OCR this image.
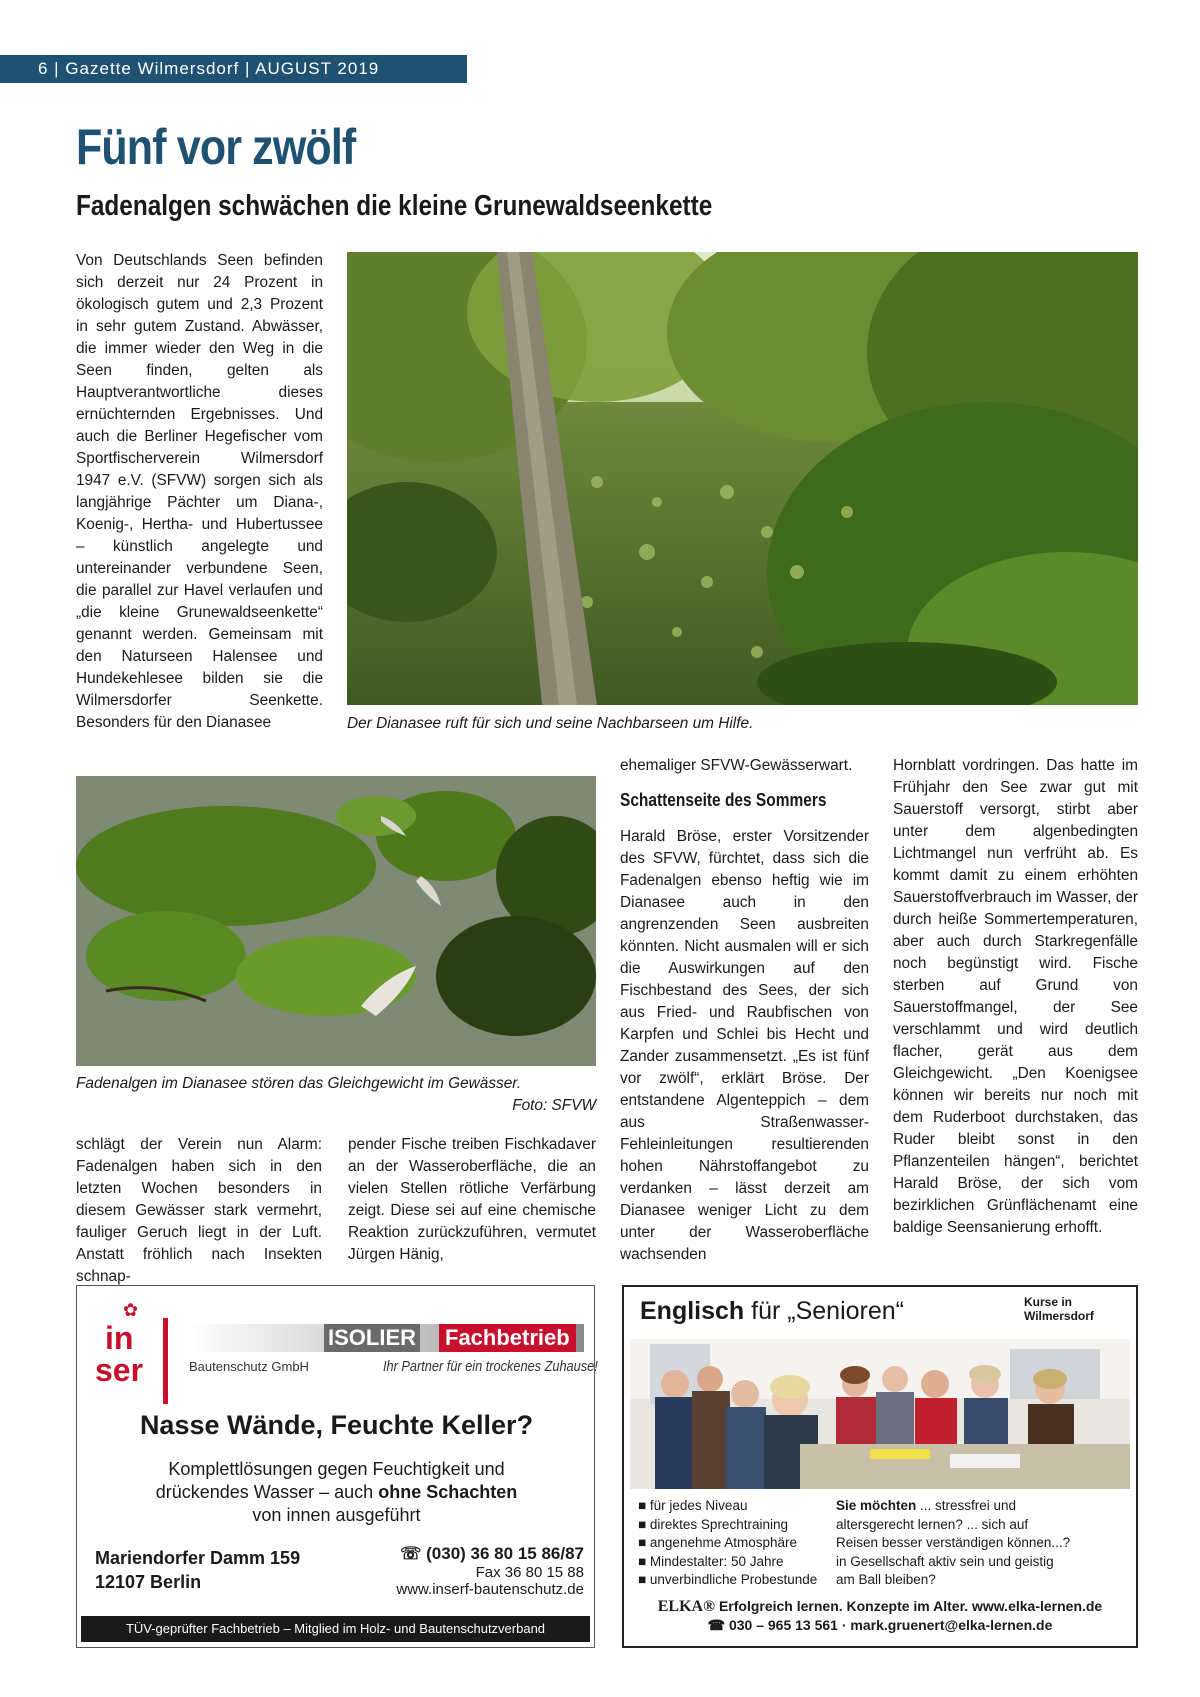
6 | Gazette Wilmersdorf | AUGUST 2019
Fünf vor zwölf
Fadenalgen schwächen die kleine Grunewaldseenkette
Von Deutschlands Seen befinden sich derzeit nur 24 Prozent in ökologisch gutem und 2,3 Prozent in sehr gutem Zustand. Abwässer, die immer wieder den Weg in die Seen finden, gelten als Hauptverantwortliche dieses ernüchternden Ergebnisses. Und auch die Berliner Hegefischer vom Sportfischerverein Wilmersdorf 1947 e.V. (SFVW) sorgen sich als langjährige Pächter um Diana-, Koenig-, Hertha- und Hubertussee – künstlich angelegte und untereinander verbundene Seen, die parallel zur Havel verlaufen und „die kleine Grunewaldseenkette“ genannt werden. Gemeinsam mit den Naturseen Halensee und Hundekehlesee bilden sie die Wilmersdorfer Seenkette. Besonders für den Dianasee	Der Dianasee ruft für sich und seine Nachbarseen um Hilfe.
Fadenalgen im Dianasee stören das Gleichgewicht im Gewässer.
Foto: SFVW
schlägt der Verein nun Alarm: Fadenalgen haben sich in den letzten Wochen besonders in diesem Gewässer stark vermehrt, fauliger Geruch liegt in der Luft. Anstatt fröhlich nach Insekten schnap-
pender Fische treiben Fischkadaver an der Wasseroberfläche, die an vielen Stellen rötliche Verfärbung zeigt. Diese sei auf eine chemische Reaktion zurückzuführen, vermutet Jürgen Hänig,
ehemaliger SFVW-Gewässerwart.
Schattenseite des Sommers
Harald Bröse, erster Vorsitzender des SFVW, fürchtet, dass sich die Fadenalgen ebenso heftig wie im Dianasee auch in den angrenzenden Seen ausbreiten könnten. Nicht ausmalen will er sich die Auswirkungen auf den Fischbestand des Sees, der sich aus Fried- und Raubfischen von Karpfen und Schlei bis Hecht und Zander zusammensetzt. „Es ist fünf vor zwölf“, erklärt Bröse. Der entstandene Algenteppich – dem aus Straßenwasser-Fehleinleitungen resultierenden hohen Nährstoffangebot zu verdanken – lässt derzeit am Dianasee weniger Licht zu dem unter der Wasseroberfläche wachsenden
Hornblatt vordringen. Das hatte im Frühjahr den See zwar gut mit Sauerstoff versorgt, stirbt aber unter dem algenbedingten Lichtmangel nun verfrüht ab. Es kommt damit zu einem erhöhten Sauerstoffverbrauch im Wasser, der durch heiße Sommertemperaturen, aber auch durch Starkregenfälle noch begünstigt wird. Fische sterben auf Grund von Sauerstoffmangel, der See verschlammt und wird deutlich flacher, gerät aus dem Gleichgewicht. „Den Koenigsee können wir bereits nur noch mit dem Ruderboot durchstaken, das Ruder bleibt sonst in den Pflanzenteilen hängen“, berichtet Harald Bröse, der sich vom bezirklichen Grünflächenamt eine baldige Seensanierung erhofft.
✿
in
ser
ISOLIER Fachbetrieb
Bautenschutz GmbH	Ihr Partner für ein trockenes Zuhause!
Nasse Wände, Feuchte Keller?
Komplettlösungen gegen Feuchtigkeit und
drückendes Wasser – auch ohne Schachten
von innen ausgeführt
Mariendorfer Damm 159
12107 Berlin
☏ (030) 36 80 15 86/87
Fax 36 80 15 88
www.inserf-bautenschutz.de
TÜV-geprüfter Fachbetrieb – Mitglied im Holz- und Bautenschutzverband
Englisch für „Senioren“	Kurse in
Wilmersdorf
■ für jedes Niveau
■ direktes Sprechtraining
■ angenehme Atmosphäre
■ Mindestalter: 50 Jahre
■ unverbindliche Probestunde
Sie möchten ... stressfrei und
altersgerecht lernen? ... sich auf
Reisen besser verständigen können...?
in Gesellschaft aktiv sein und geistig
am Ball bleiben?
ELKA® Erfolgreich lernen. Konzepte im Alter. www.elka-lernen.de
☎ 030 – 965 13 561 · mark.gruenert@elka-lernen.de
